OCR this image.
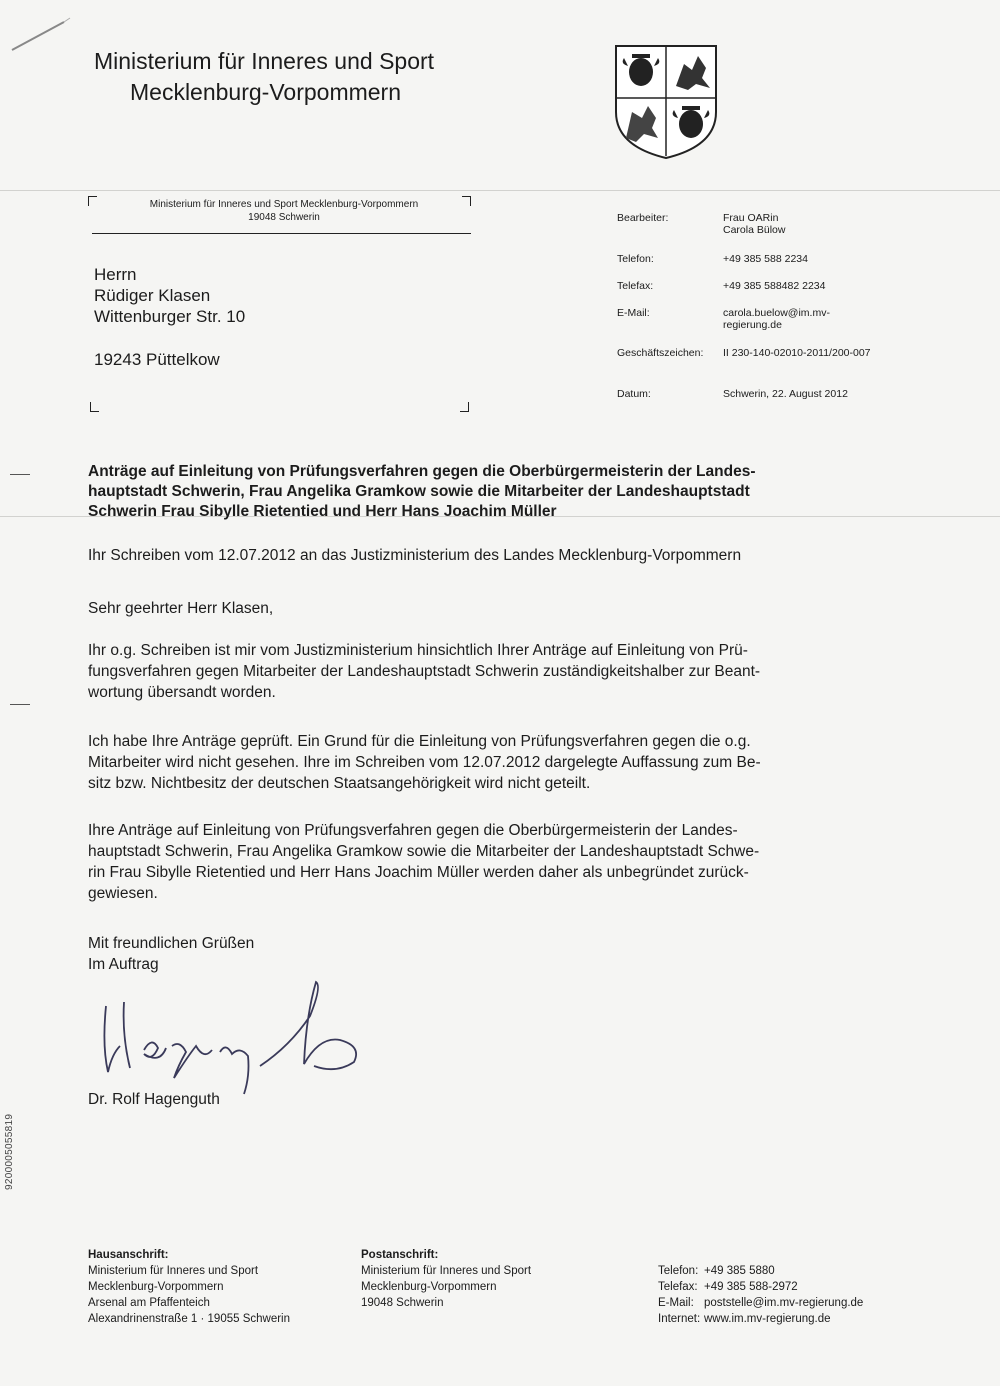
Ministerium für Inneres und Sport
Mecklenburg-Vorpommern
Ministerium für Inneres und Sport Mecklenburg-Vorpommern
19048 Schwerin
Herrn
Rüdiger Klasen
Wittenburger Str. 10
19243 Püttelkow
Bearbeiter:	Frau OARin
Carola Bülow
Telefon:	+49 385 588 2234
Telefax:	+49 385 588482 2234
E-Mail:	carola.buelow@im.mv-
regierung.de
Geschäftszeichen:	II 230-140-02010-2011/200-007
Datum:	Schwerin, 22. August 2012
Anträge auf Einleitung von Prüfungsverfahren gegen die Oberbürgermeisterin der Landes-
hauptstadt Schwerin, Frau Angelika Gramkow sowie die Mitarbeiter der Landeshauptstadt
Schwerin Frau Sibylle Rietentied und Herr Hans Joachim Müller
Ihr Schreiben vom 12.07.2012 an das Justizministerium des Landes Mecklenburg-Vorpommern
Sehr geehrter Herr Klasen,
Ihr o.g. Schreiben ist mir vom Justizministerium hinsichtlich Ihrer Anträge auf Einleitung von Prü-
fungsverfahren gegen Mitarbeiter der Landeshauptstadt Schwerin zuständigkeitshalber zur Beant-
wortung übersandt worden.
Ich habe Ihre Anträge geprüft. Ein Grund für die Einleitung von Prüfungsverfahren gegen die o.g.
Mitarbeiter wird nicht gesehen. Ihre im Schreiben vom 12.07.2012 dargelegte Auffassung zum Be-
sitz bzw. Nichtbesitz der deutschen Staatsangehörigkeit wird nicht geteilt.
Ihre Anträge auf Einleitung von Prüfungsverfahren gegen die Oberbürgermeisterin der Landes-
hauptstadt Schwerin, Frau Angelika Gramkow sowie die Mitarbeiter der Landeshauptstadt Schwe-
rin Frau Sibylle Rietentied und Herr Hans Joachim Müller werden daher als unbegründet zurück-
gewiesen.
Mit freundlichen Grüßen
Im Auftrag
Dr. Rolf Hagenguth
9200005055819
Hausanschrift:
Ministerium für Inneres und Sport
Mecklenburg-Vorpommern
Arsenal am Pfaffenteich
Alexandrinenstraße 1 · 19055 Schwerin
Postanschrift:
Ministerium für Inneres und Sport
Mecklenburg-Vorpommern
19048 Schwerin
Telefon: +49 385 5880
Telefax: +49 385 588-2972
E-Mail: poststelle@im.mv-regierung.de
Internet: www.im.mv-regierung.de
